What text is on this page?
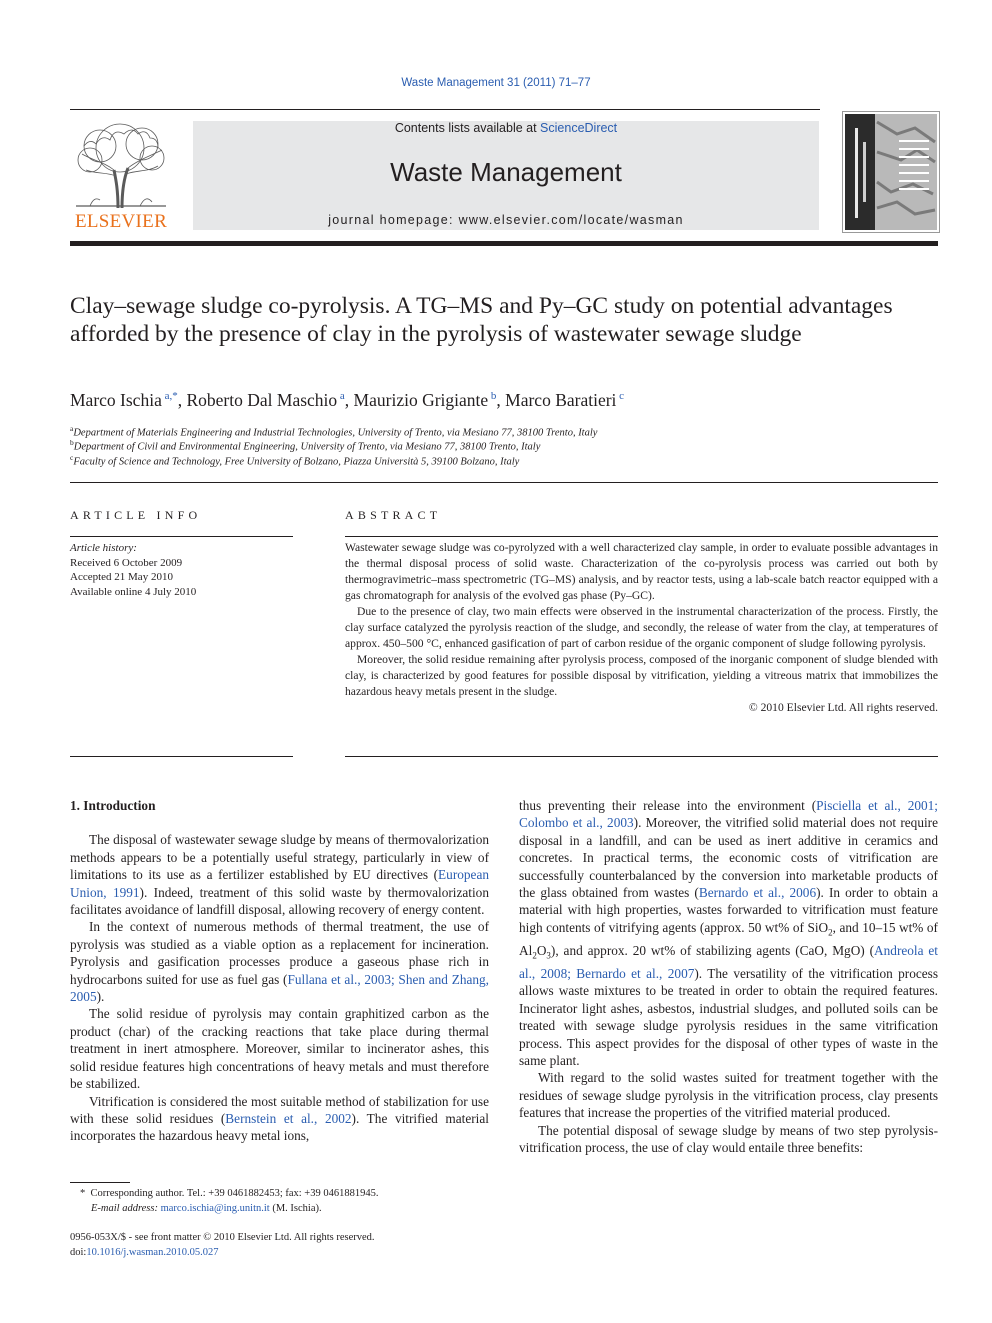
Waste Management 31 (2011) 71–77
ELSEVIER
Contents lists available at ScienceDirect
Waste Management
journal homepage: www.elsevier.com/locate/wasman
Clay–sewage sludge co-pyrolysis. A TG–MS and Py–GC study on potential advantages afforded by the presence of clay in the pyrolysis of wastewater sewage sludge
Marco Ischia $^{a,*}$, Roberto Dal Maschio $^a$, Maurizio Grigiante $^b$, Marco Baratieri $^c$
$^a$Department of Materials Engineering and Industrial Technologies, University of Trento, via Mesiano 77, 38100 Trento, Italy
$^b$Department of Civil and Environmental Engineering, University of Trento, via Mesiano 77, 38100 Trento, Italy
$^c$Faculty of Science and Technology, Free University of Bolzano, Piazza Università 5, 39100 Bolzano, Italy
ARTICLE INFO
Article history:
Received 6 October 2009
Accepted 21 May 2010
Available online 4 July 2010
ABSTRACT

Wastewater sewage sludge was co-pyrolyzed with a well characterized clay sample, in order to evaluate possible advantages in the thermal disposal process of solid waste. Characterization of the co-pyrolysis process was carried out both by thermogravimetric–mass spectrometric (TG–MS) analysis, and by reactor tests, using a lab-scale batch reactor equipped with a gas chromatograph for analysis of the evolved gas phase (Py–GC).

Due to the presence of clay, two main effects were observed in the instrumental characterization of the process. Firstly, the clay surface catalyzed the pyrolysis reaction of the sludge, and secondly, the release of water from the clay, at temperatures of approx. 450–500 °C, enhanced gasification of part of carbon residue of the organic component of sludge following pyrolysis.

Moreover, the solid residue remaining after pyrolysis process, composed of the inorganic component of sludge blended with clay, is characterized by good features for possible disposal by vitrification, yielding a vitreous matrix that immobilizes the hazardous heavy metals present in the sludge.

© 2010 Elsevier Ltd. All rights reserved.

1. Introduction

The disposal of wastewater sewage sludge by means of thermovalorization methods appears to be a potentially useful strategy, particularly in view of limitations to its use as a fertilizer established by EU directives (European Union, 1991). Indeed, treatment of this solid waste by thermovalorization facilitates avoidance of landfill disposal, allowing recovery of energy content.

In the context of numerous methods of thermal treatment, the use of pyrolysis was studied as a viable option as a replacement for incineration. Pyrolysis and gasification processes produce a gaseous phase rich in hydrocarbons suited for use as fuel gas (Fullana et al., 2003; Shen and Zhang, 2005).

The solid residue of pyrolysis may contain graphitized carbon as the product (char) of the cracking reactions that take place during thermal treatment in inert atmosphere. Moreover, similar to incinerator ashes, this solid residue features high concentrations of heavy metals and must therefore be stabilized.

Vitrification is considered the most suitable method of stabilization for use with these solid residues (Bernstein et al., 2002). The vitrified material incorporates the hazardous heavy metal ions,

thus preventing their release into the environment (Pisciella et al., 2001; Colombo et al., 2003). Moreover, the vitrified solid material does not require disposal in a landfill, and can be used as inert additive in ceramics and concretes. In practical terms, the economic costs of vitrification are successfully counterbalanced by the conversion into marketable products of the glass obtained from wastes (Bernardo et al., 2006). In order to obtain a material with high properties, wastes forwarded to vitrification must feature high contents of vitrifying agents (approx. 50 wt% of SiO$_2$, and 10–15 wt% of $Al_2O_3$), and approx. 20 wt% of stabilizing agents (CaO, MgO) (Andreola et al., 2008; Bernardo et al., 2007). The versatility of the vitrification process allows waste mixtures to be treated in order to obtain the required features. Incinerator light ashes, asbestos, industrial sludges, and polluted soils can be treated with sewage sludge pyrolysis residues in the same vitrification process. This aspect provides for the disposal of other types of waste in the same plant.

With regard to the solid wastes suited for treatment together with the residues of sewage sludge pyrolysis in the vitrification process, clay presents features that increase the properties of the vitrified material produced.

The potential disposal of sewage sludge by means of two step pyrolysis-vitrification process, the use of clay would entaile three benefits:

* Corresponding author. Tel.: +39 0461882453; fax: +39 0461881945.
E-mail address: marco.ischia@ing.unitn.it (M. Ischia).
0956-053X/$ - see front matter © 2010 Elsevier Ltd. All rights reserved.
doi:10.1016/j.wasman.2010.05.027
